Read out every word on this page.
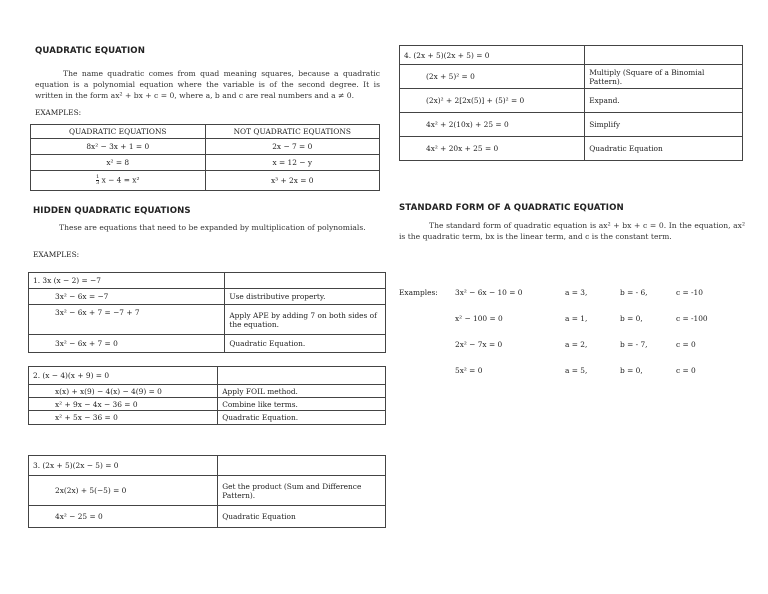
QUADRATIC EQUATION
The name quadratic comes from quad meaning squares, because a quadratic equation is a polynomial equation where the variable is of the second degree. It is written in the form ax² + bx + c = 0, where a, b and c are real numbers and a ≠ 0.
EXAMPLES:
QUADRATIC EQUATIONS	NOT QUADRATIC EQUATIONS
8x² − 3x + 1 = 0	2x − 7 = 0
x² = 8	x = 12 − y

$\frac{1}{3}$ x − 4 = x²	x³ + 2x = 0
HIDDEN QUADRATIC EQUATIONS
These are equations that need to be expanded by multiplication of polynomials.
EXAMPLES:
1. 3x (x − 2) = −7	
3x² − 6x = −7	Use distributive property.
3x² − 6x + 7 = −7 + 7	Apply APE by adding 7 on both sides of the equation.
3x² − 6x + 7 = 0	Quadratic Equation.
2. (x − 4)(x + 9) = 0	
x(x) + x(9) − 4(x) − 4(9) = 0	Apply FOIL method.
x² + 9x − 4x − 36 = 0	Combine like terms.
x² + 5x − 36 = 0	Quadratic Equation.
3. (2x + 5)(2x − 5) = 0	
2x(2x) + 5(−5) = 0	Get the product (Sum and Difference Pattern).
4x² − 25 = 0	Quadratic Equation
4. (2x + 5)(2x + 5) = 0	
(2x + 5)² = 0	Multiply (Square of a Binomial Pattern).
(2x)² + 2[2x(5)] + (5)² = 0	Expand.
4x² + 2(10x) + 25 = 0	Simplify
4x² + 20x + 25 = 0	Quadratic Equation
STANDARD FORM OF A QUADRATIC EQUATION
The standard form of quadratic equation is ax² + bx + c = 0. In the equation, ax² is the quadratic term, bx is the linear term, and c is the constant term.
Examples: 3x² − 6x − 10 = 0	a = 3,	b = - 6,	c = -10
x² − 100 = 0	a = 1,	b = 0,	c = -100
2x² − 7x = 0	a = 2,	b = - 7,	c = 0
5x² = 0	a = 5,	b = 0,	c = 0
